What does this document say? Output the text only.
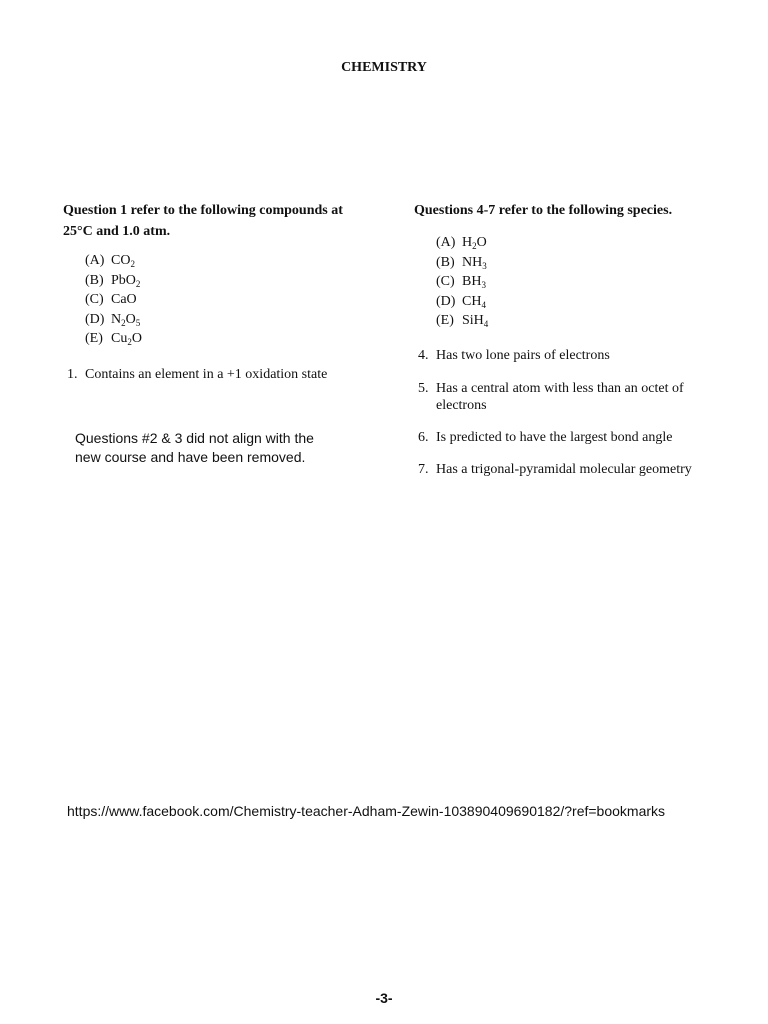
CHEMISTRY
Question 1 refer to the following compounds at
25°C and 1.0 atm.
(A) $CO_2$
(B) PbO$_2$
(C) CaO
(D) $N_2O_5$
(E) $Cu_2O$
1. Contains an element in a +1 oxidation state
Questions #2 & 3 did not align with the
new course and have been removed.
Questions 4-7 refer to the following species.
(A) $H_2O$
(B) $NH_3$
(C) $BH_3$
(D) $CH_4$
(E) SiH$_4$
4. Has two lone pairs of electrons
5. Has a central atom with less than an octet of
electrons
6. Is predicted to have the largest bond angle
7. Has a trigonal-pyramidal molecular geometry
https://www.facebook.com/Chemistry-teacher-Adham-Zewin-103890409690182/?ref=bookmarks
-3-
